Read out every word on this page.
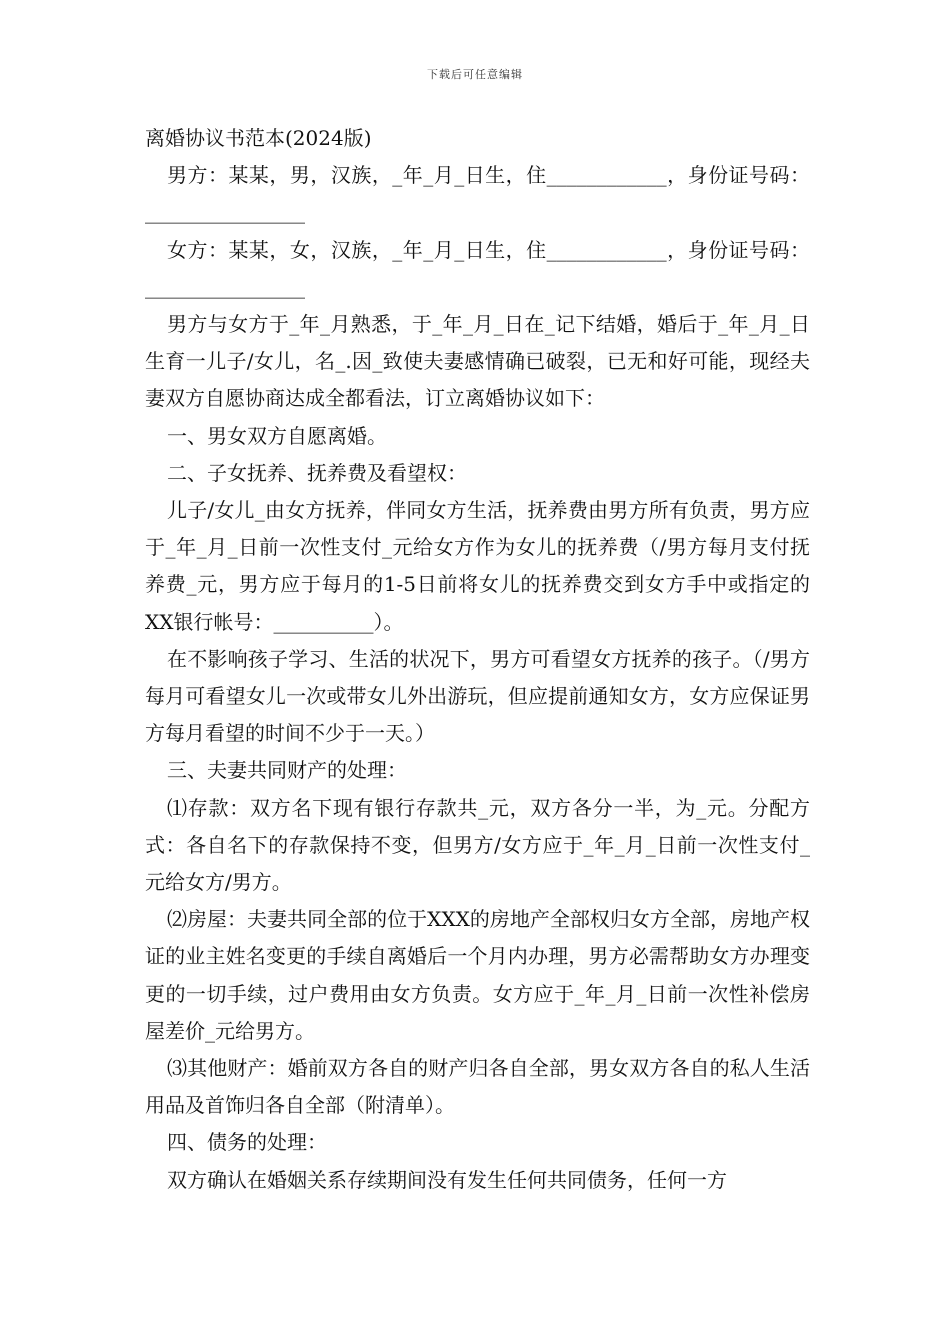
下载后可任意编辑

离婚协议书范本(2024版)

男方：某某，男，汉族，_年_月_日生，住____________，身份证号码：________________

女方：某某，女，汉族，_年_月_日生，住____________，身份证号码：________________

男方与女方于_年_月熟悉，于_年_月_日在_记下结婚，婚后于_年_月_日生育一儿子/女儿，名_.因_致使夫妻感情确已破裂，已无和好可能，现经夫妻双方自愿协商达成全都看法，订立离婚协议如下：

一、男女双方自愿离婚。

二、子女抚养、抚养费及看望权：

儿子/女儿_由女方抚养，伴同女方生活，抚养费由男方所有负责，男方应于_年_月_日前一次性支付_元给女方作为女儿的抚养费（/男方每月支付抚养费_元，男方应于每月的1-5日前将女儿的抚养费交到女方手中或指定的XX银行帐号：__________）。

在不影响孩子学习、生活的状况下，男方可看望女方抚养的孩子。（/男方每月可看望女儿一次或带女儿外出游玩，但应提前通知女方，女方应保证男方每月看望的时间不少于一天。）

三、夫妻共同财产的处理：

⑴存款：双方名下现有银行存款共_元，双方各分一半，为_元。分配方式：各自名下的存款保持不变，但男方/女方应于_年_月_日前一次性支付_元给女方/男方。

⑵房屋：夫妻共同全部的位于XXX的房地产全部权归女方全部，房地产权证的业主姓名变更的手续自离婚后一个月内办理，男方必需帮助女方办理变更的一切手续，过户费用由女方负责。女方应于_年_月_日前一次性补偿房屋差价_元给男方。

⑶其他财产：婚前双方各自的财产归各自全部，男女双方各自的私人生活用品及首饰归各自全部（附清单）。

四、债务的处理：

双方确认在婚姻关系存续期间没有发生任何共同债务，任何一方
